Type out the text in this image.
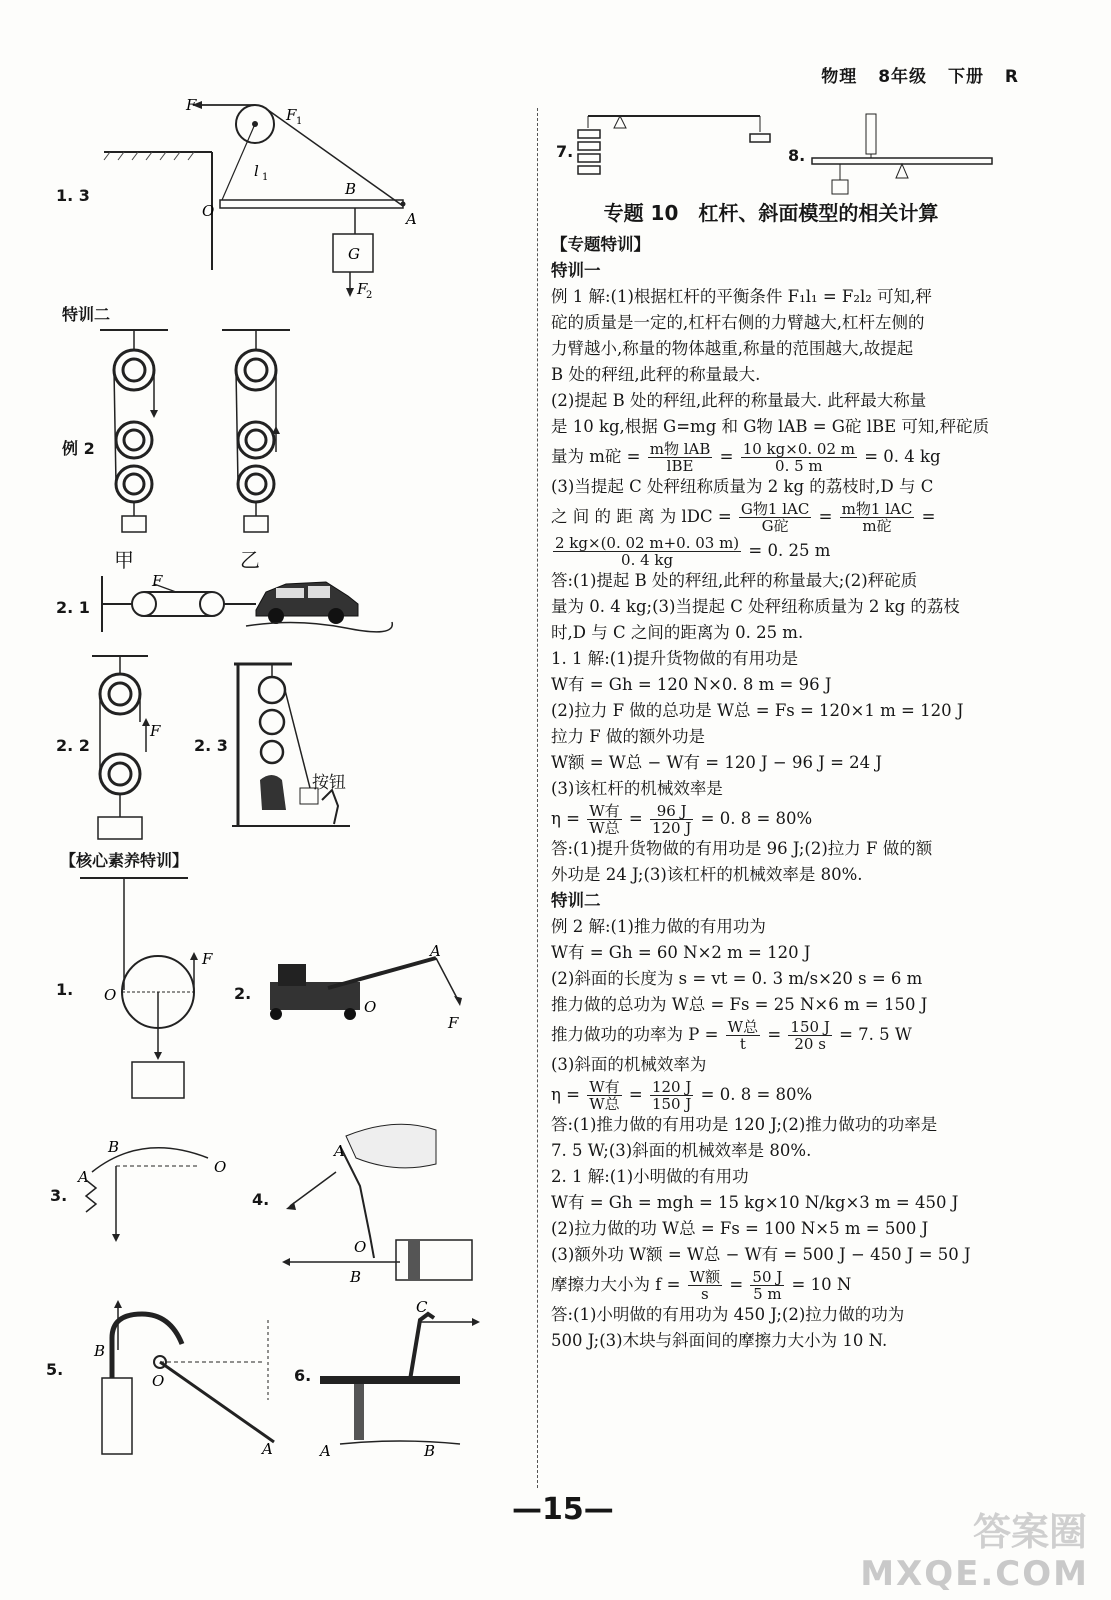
物理 8年级 下册 R
1. 3
F
F 1
l 1
O
B
A
G
F
2
特训二
例 2
甲	乙
2. 1
F
2. 2
F
2. 3
按钮
【核心素养特训】
1.
F
O	2.
A
O
F
3.
B
A
O
4.
A
O
B
5.
B
O
A
6.
C
A	B
7.	8.
专题 10　杠杆、斜面模型的相关计算
【专题特训】
特训一
例 1 解:(1)根据杠杆的平衡条件 F₁l₁ = F₂l₂ 可知,秤
砣的质量是一定的,杠杆右侧的力臂越大,杠杆左侧的
力臂越小,称量的物体越重,称量的范围越大,故提起
B 处的秤纽,此秤的称量最大.
(2)提起 B 处的秤纽,此秤的称量最大. 此秤最大称量
是 10 kg,根据 G=mg 和 G物 lAB = G砣 lBE 可知,秤砣质
量为 m砣 = $\frac{\text{m物 lAB}}{\text{lBE}} = \frac{10 kg\times 0. 02 m}{0. 5 m} = 0$. 4 kg
(3)当提起 C 处秤纽称质量为 2 kg 的荔枝时,D 与 C
之 间 的 距 离 为 lDC = $\frac{\text{G物1 lAC}}{\text{G砣}} = \frac{\text{m物1 lAC}}{\text{m砣}}$ =
$\frac{2 kg\times(0. 02 m+0. 03 m)}{0. 4 kg} = 0$. 25 m
答:(1)提起 B 处的秤纽,此秤的称量最大;(2)秤砣质
量为 0. 4 kg;(3)当提起 C 处秤纽称质量为 2 kg 的荔枝
时,D 与 C 之间的距离为 0. 25 m.
1. 1 解:(1)提升货物做的有用功是
W有 = Gh = 120 N×0. 8 m = 96 J
(2)拉力 F 做的总功是 W总 = Fs = 120×1 m = 120 J
拉力 F 做的额外功是
W额 = W总 − W有 = 120 J − 96 J = 24 J
(3)该杠杆的机械效率是
$\eta = \frac{\text{W有}}{\text{W总}} = \frac{96 J}{120 J} = 0$. 8 = 80%
答:(1)提升货物做的有用功是 96 J;(2)拉力 F 做的额
外功是 24 J;(3)该杠杆的机械效率是 80%.
特训二
例 2 解:(1)推力做的有用功为
W有 = Gh = 60 N×2 m = 120 J
(2)斜面的长度为 s = vt = 0. 3 m/s×20 s = 6 m
推力做的总功为 W总 = Fs = 25 N×6 m = 150 J
推力做功的功率为 $P = \frac{\text{W总}}{t} = \frac{150 J}{20 s} = 7$. 5 W
(3)斜面的机械效率为
$\eta = \frac{\text{W有}}{\text{W总}} = \frac{120 J}{150 J} = 0$. 8 = 80%
答:(1)推力做的有用功是 120 J;(2)推力做功的功率是
7. 5 W;(3)斜面的机械效率是 80%.
2. 1 解:(1)小明做的有用功
W有 = Gh = mgh = 15 kg×10 N/kg×3 m = 450 J
(2)拉力做的功 W总 = Fs = 100 N×5 m = 500 J
(3)额外功 W额 = W总 − W有 = 500 J − 450 J = 50 J
摩擦力大小为 $f = \frac{\text{W额}}{s} = \frac{50 J}{5 m} = 10$ N
答:(1)小明做的有用功为 450 J;(2)拉力做的功为
500 J;(3)木块与斜面间的摩擦力大小为 10 N.
—15—	答案圈
MXQE.COM
